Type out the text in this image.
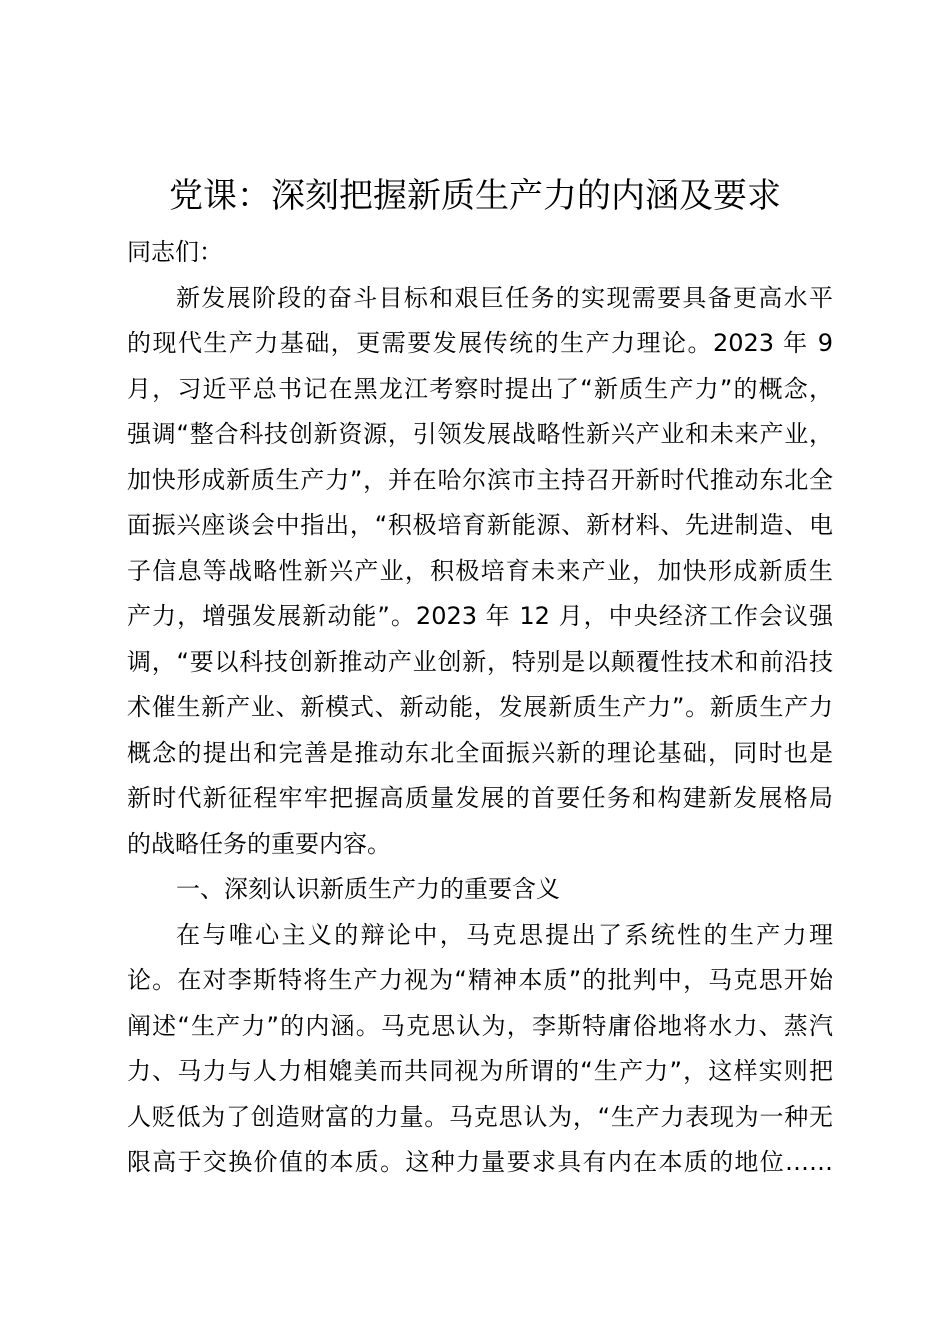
党课：深刻把握新质生产力的内涵及要求
同志们：
新发展阶段的奋斗目标和艰巨任务的实现需要具备更高水平
的现代生产力基础，更需要发展传统的生产力理论。2023 年 9
月，习近平总书记在黑龙江考察时提出了“新质生产力”的概念，
强调“整合科技创新资源，引领发展战略性新兴产业和未来产业，
加快形成新质生产力”，并在哈尔滨市主持召开新时代推动东北全
面振兴座谈会中指出，“积极培育新能源、新材料、先进制造、电
子信息等战略性新兴产业，积极培育未来产业，加快形成新质生
产力，增强发展新动能”。2023 年 12 月，中央经济工作会议强
调，“要以科技创新推动产业创新，特别是以颠覆性技术和前沿技
术催生新产业、新模式、新动能，发展新质生产力”。新质生产力
概念的提出和完善是推动东北全面振兴新的理论基础，同时也是
新时代新征程牢牢把握高质量发展的首要任务和构建新发展格局
的战略任务的重要内容。
一、深刻认识新质生产力的重要含义
在与唯心主义的辩论中，马克思提出了系统性的生产力理
论。在对李斯特将生产力视为“精神本质”的批判中，马克思开始
阐述“生产力”的内涵。马克思认为，李斯特庸俗地将水力、蒸汽
力、马力与人力相媲美而共同视为所谓的“生产力”，这样实则把
人贬低为了创造财富的力量。马克思认为，“生产力表现为一种无
限高于交换价值的本质。这种力量要求具有内在本质的地位……
